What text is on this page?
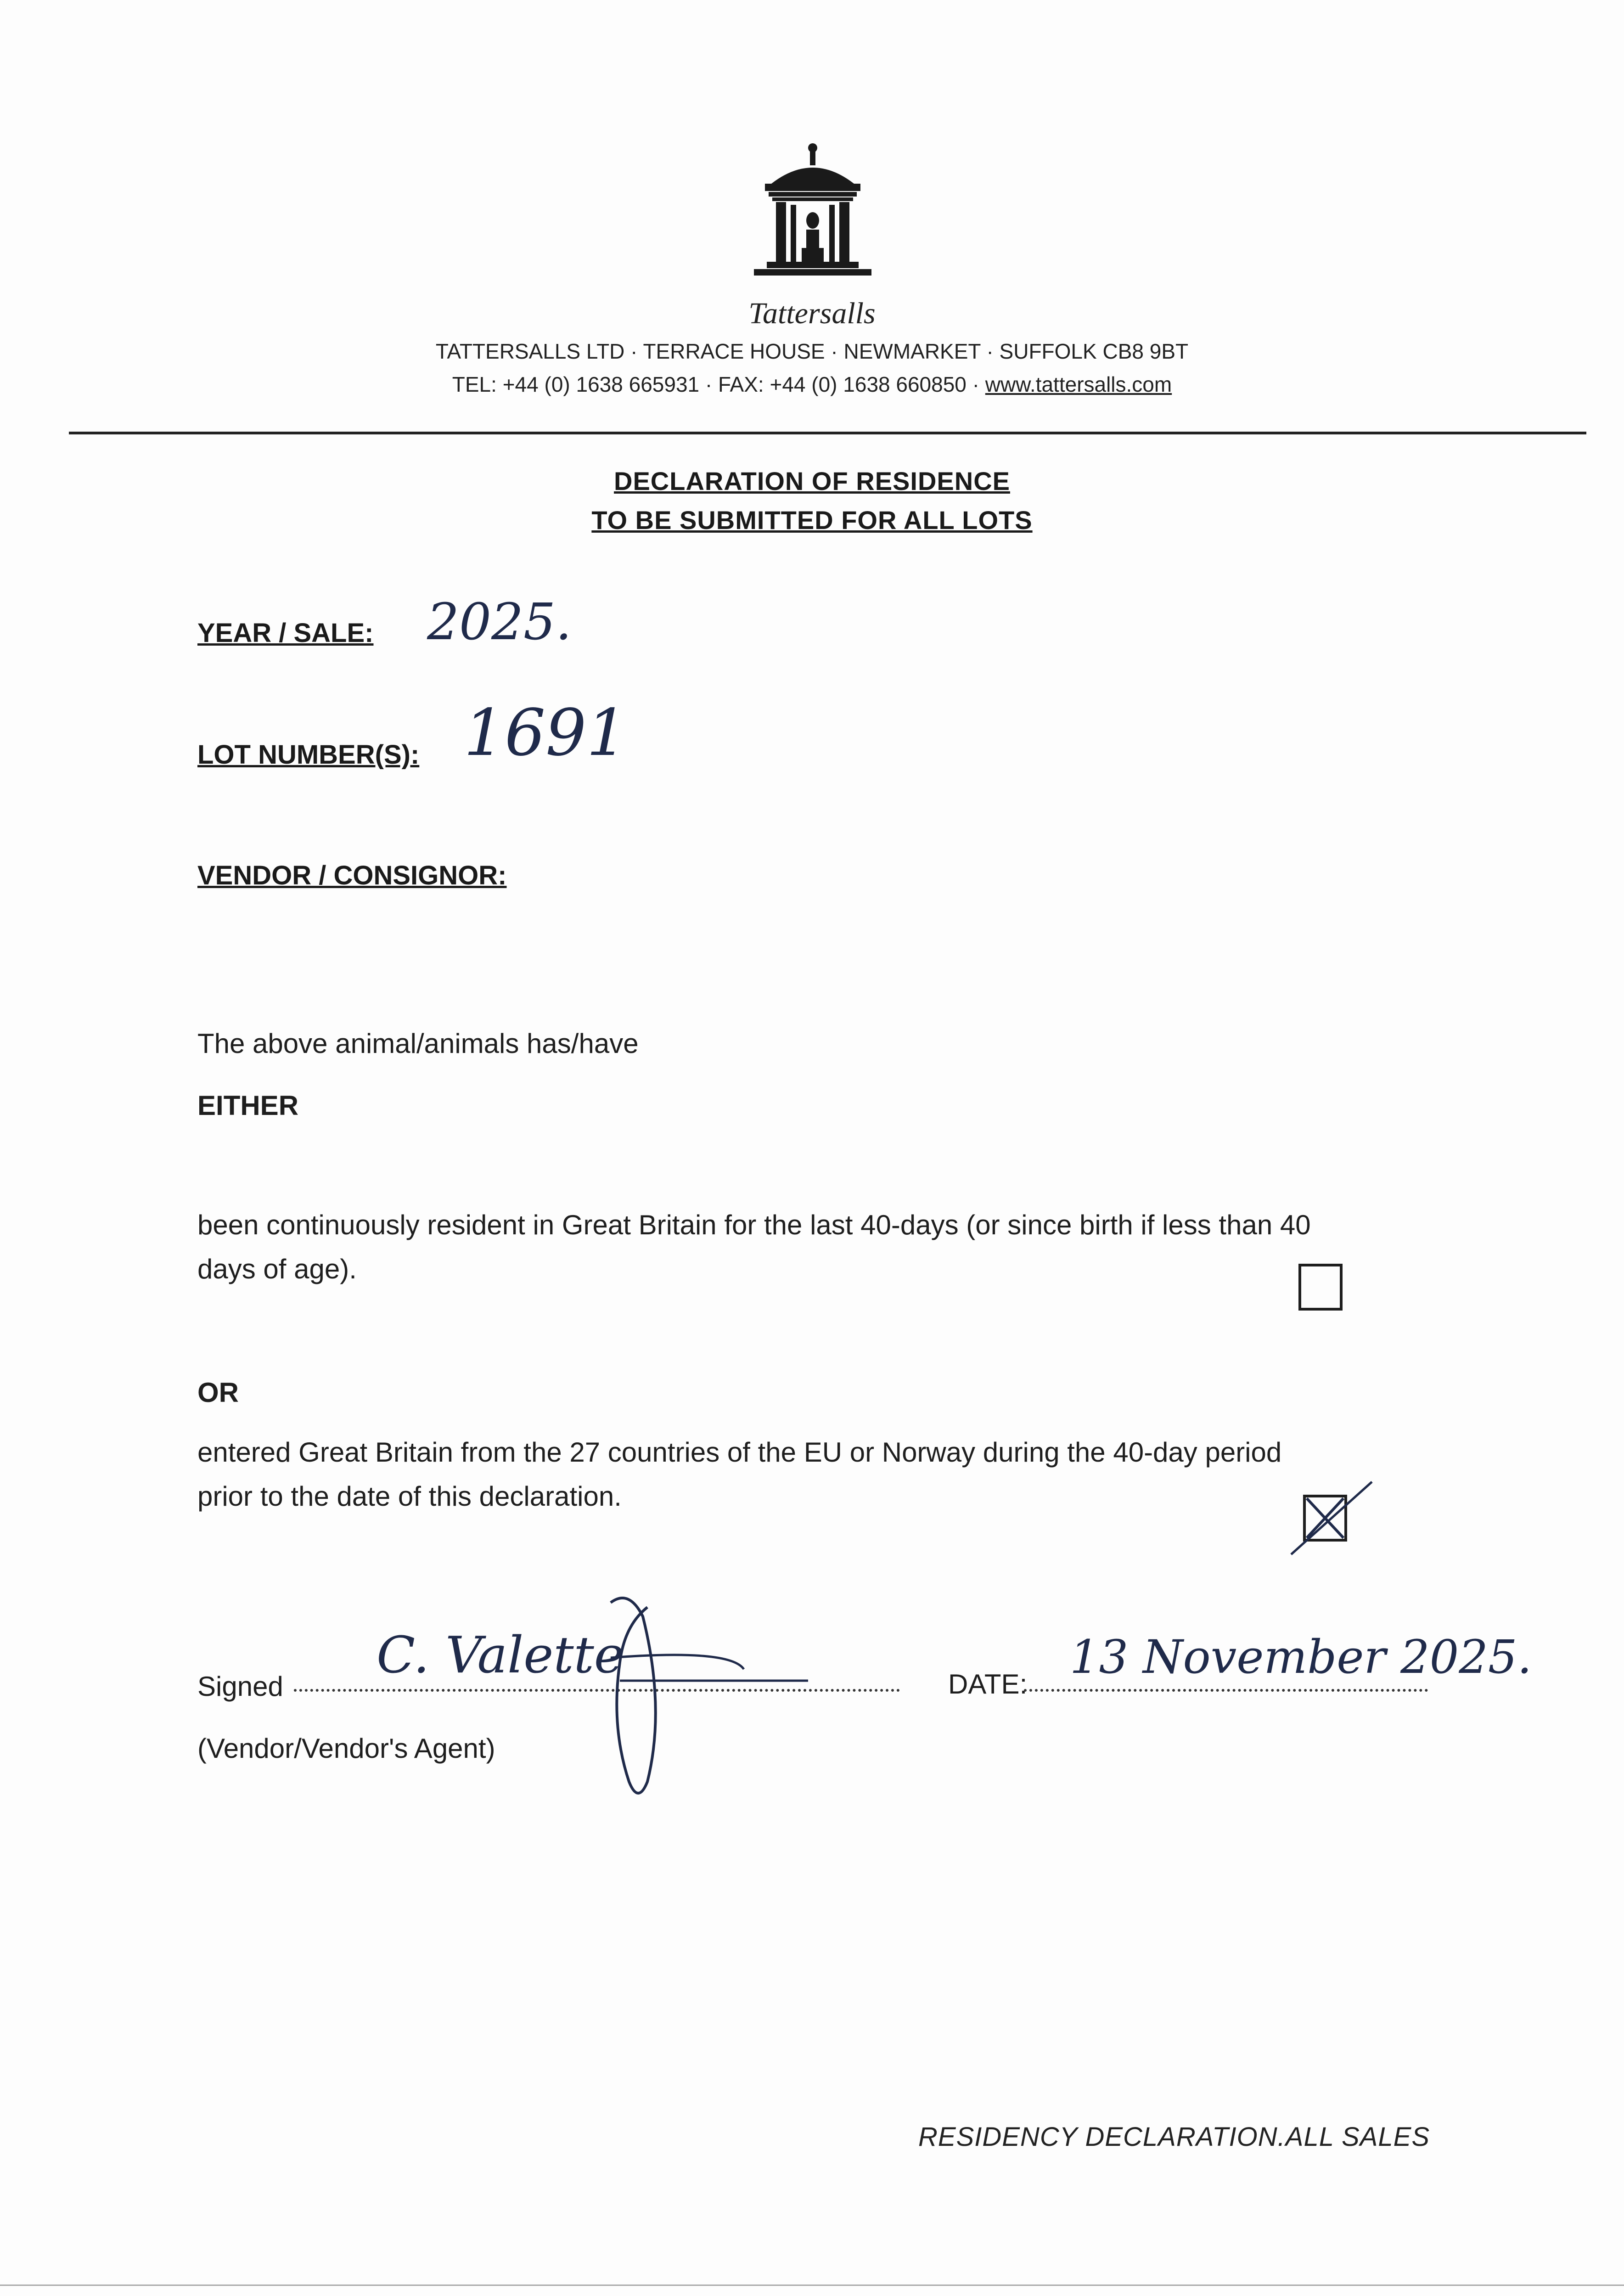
Tattersalls
TATTERSALLS LTD · TERRACE HOUSE · NEWMARKET · SUFFOLK CB8 9BT
TEL: +44 (0) 1638 665931 · FAX: +44 (0) 1638 660850 · www.tattersalls.com
DECLARATION OF RESIDENCE
TO BE SUBMITTED FOR ALL LOTS
YEAR / SALE: 2025.
LOT NUMBER(S): 1691
VENDOR / CONSIGNOR:
The above animal/animals has/have
EITHER
been continuously resident in Great Britain for the last 40-days (or since birth if less than 40
days of age).
OR
entered Great Britain from the 27 countries of the EU or Norway during the 40-day period
prior to the date of this declaration.
Signed
C. Valette
(Vendor/Vendor's Agent)
DATE:
13 November 2025.
RESIDENCY DECLARATION.ALL SALES
